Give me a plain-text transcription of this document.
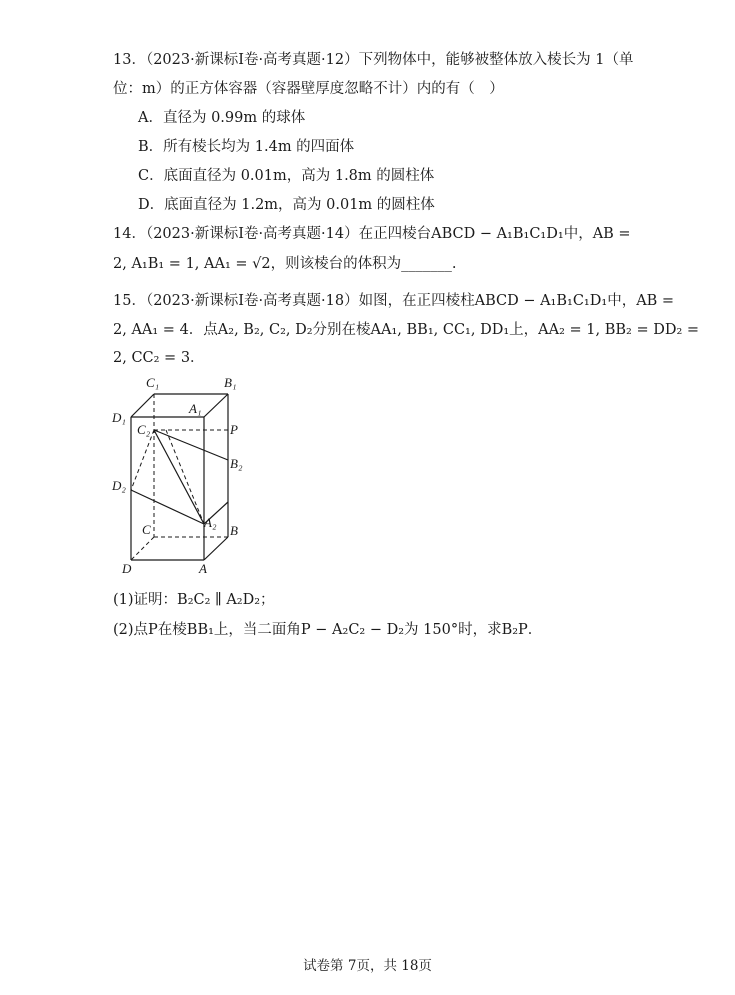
13．（2023·新课标Ⅰ卷·高考真题·12）下列物体中，能够被整体放入棱长为 1（单
位：m）的正方体容器（容器壁厚度忽略不计）内的有（　）
A．直径为 0.99m 的球体
B．所有棱长均为 1.4m 的四面体
C．底面直径为 0.01m，高为 1.8m 的圆柱体
D．底面直径为 1.2m，高为 0.01m 的圆柱体
14．（2023·新课标Ⅰ卷·高考真题·14）在正四棱台ABCD − A₁B₁C₁D₁中，AB =
2, A₁B₁ = 1, AA₁ = √2，则该棱台的体积为_______.
15．（2023·新课标Ⅰ卷·高考真题·18）如图，在正四棱柱ABCD − A₁B₁C₁D₁中，AB =
2, AA₁ = 4．点A₂, B₂, C₂, D₂分别在棱AA₁, BB₁, CC₁, DD₁上，AA₂ = 1, BB₂ = DD₂ =
2, CC₂ = 3．
C₁	B₁
A₁
D₁
C₂	P
B₂
D₂
A₂
C	B
D	A
(1)证明：B₂C₂ ∥ A₂D₂；
(2)点P在棱BB₁上，当二面角P − A₂C₂ − D₂为 150°时，求B₂P．
试卷第 7页，共 18页
